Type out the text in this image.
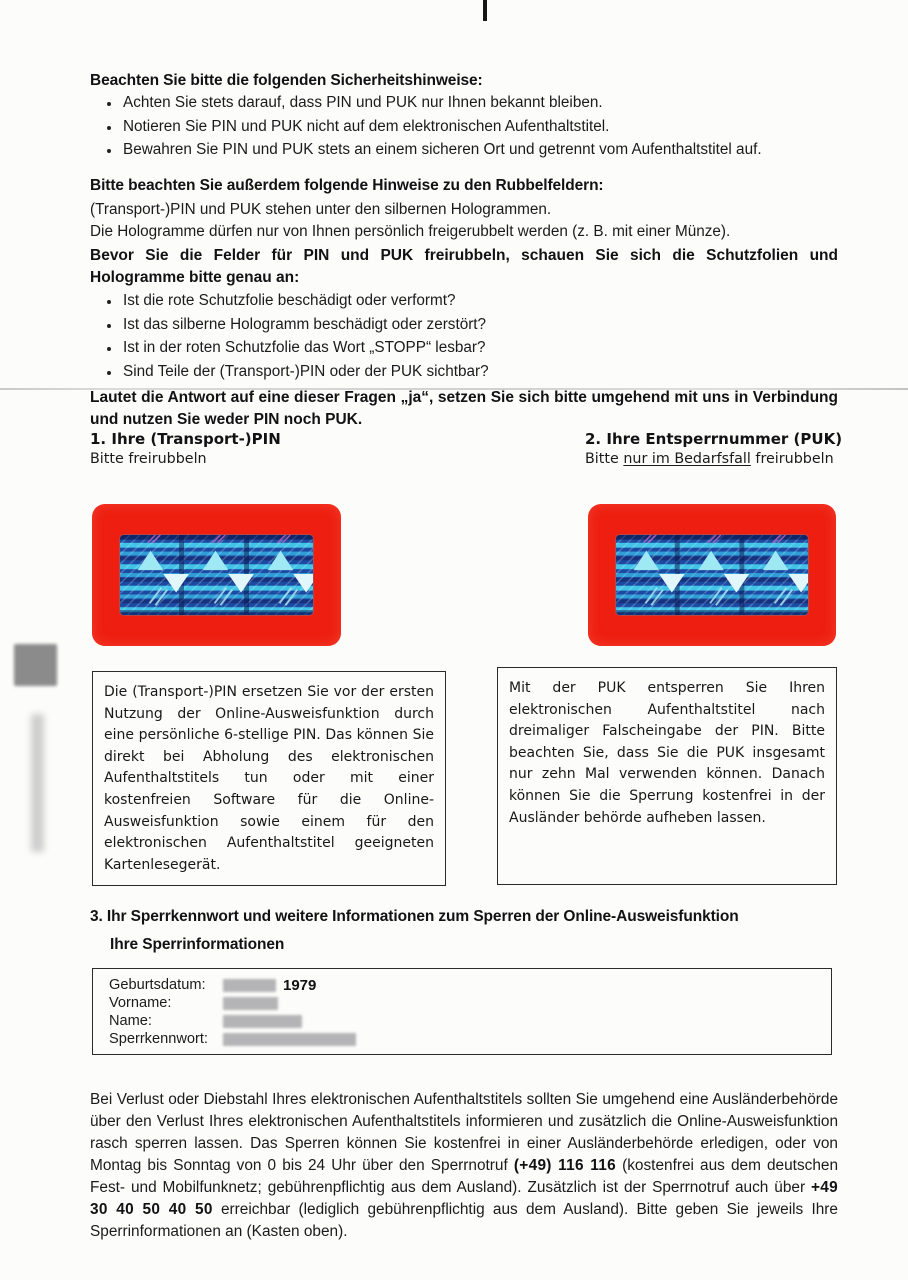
Beachten Sie bitte die folgenden Sicherheitshinweise:
• Achten Sie stets darauf, dass PIN und PUK nur Ihnen bekannt bleiben.
• Notieren Sie PIN und PUK nicht auf dem elektronischen Aufenthaltstitel.
• Bewahren Sie PIN und PUK stets an einem sicheren Ort und getrennt vom Aufenthaltstitel auf.
Bitte beachten Sie außerdem folgende Hinweise zu den Rubbelfeldern:
(Transport-)PIN und PUK stehen unter den silbernen Hologrammen.
Die Hologramme dürfen nur von Ihnen persönlich freigerubbelt werden (z. B. mit einer Münze).
Bevor Sie die Felder für PIN und PUK freirubbeln, schauen Sie sich die Schutzfolien und Hologramme bitte genau an:
• Ist die rote Schutzfolie beschädigt oder verformt?
• Ist das silberne Hologramm beschädigt oder zerstört?
• Ist in der roten Schutzfolie das Wort „STOPP“ lesbar?
• Sind Teile der (Transport-)PIN oder der PUK sichtbar?
Lautet die Antwort auf eine dieser Fragen „ja“, setzen Sie sich bitte umgehend mit uns in Verbindung und nutzen Sie weder PIN noch PUK.
1. Ihre (Transport-)PIN
Bitte freirubbeln
2. Ihre Entsperrnummer (PUK)
Bitte nur im Bedarfsfall freirubbeln
Die (Transport-)PIN ersetzen Sie vor der ersten Nutzung der Online-Ausweisfunktion durch eine persönliche 6-stellige PIN. Das können Sie direkt bei Abholung des elektronischen Aufenthaltstitels tun oder mit einer kostenfreien Software für die Online-Ausweisfunktion sowie einem für den elektronischen Aufenthaltstitel geeigneten Kartenlesegerät.
Mit der PUK entsperren Sie Ihren elektronischen Aufenthaltstitel nach dreimaliger Falscheingabe der PIN. Bitte beachten Sie, dass Sie die PUK insgesamt nur zehn Mal verwenden können. Danach können Sie die Sperrung kostenfrei in der Ausländer behörde aufheben lassen.
3. Ihr Sperrkennwort und weitere Informationen zum Sperren der Online-Ausweisfunktion
Ihre Sperrinformationen
Geburtsdatum:	1979
Vorname:
Name:
Sperrkennwort:

Bei Verlust oder Diebstahl Ihres elektronischen Aufenthaltstitels sollten Sie umgehend eine Ausländerbehörde über den Verlust Ihres elektronischen Aufenthaltstitels informieren und zusätzlich die Online-Ausweisfunktion rasch sperren lassen. Das Sperren können Sie kostenfrei in einer Ausländerbehörde erledigen, oder von Montag bis Sonntag von 0 bis 24 Uhr über den Sperrnotruf (+49) 116 116 (kostenfrei aus dem deutschen Fest- und Mobilfunknetz; gebührenpflichtig aus dem Ausland). Zusätzlich ist der Sperrnotruf auch über +49 30 40 50 40 50 erreichbar (lediglich gebührenpflichtig aus dem Ausland). Bitte geben Sie jeweils Ihre Sperrinformationen an (Kasten oben).
